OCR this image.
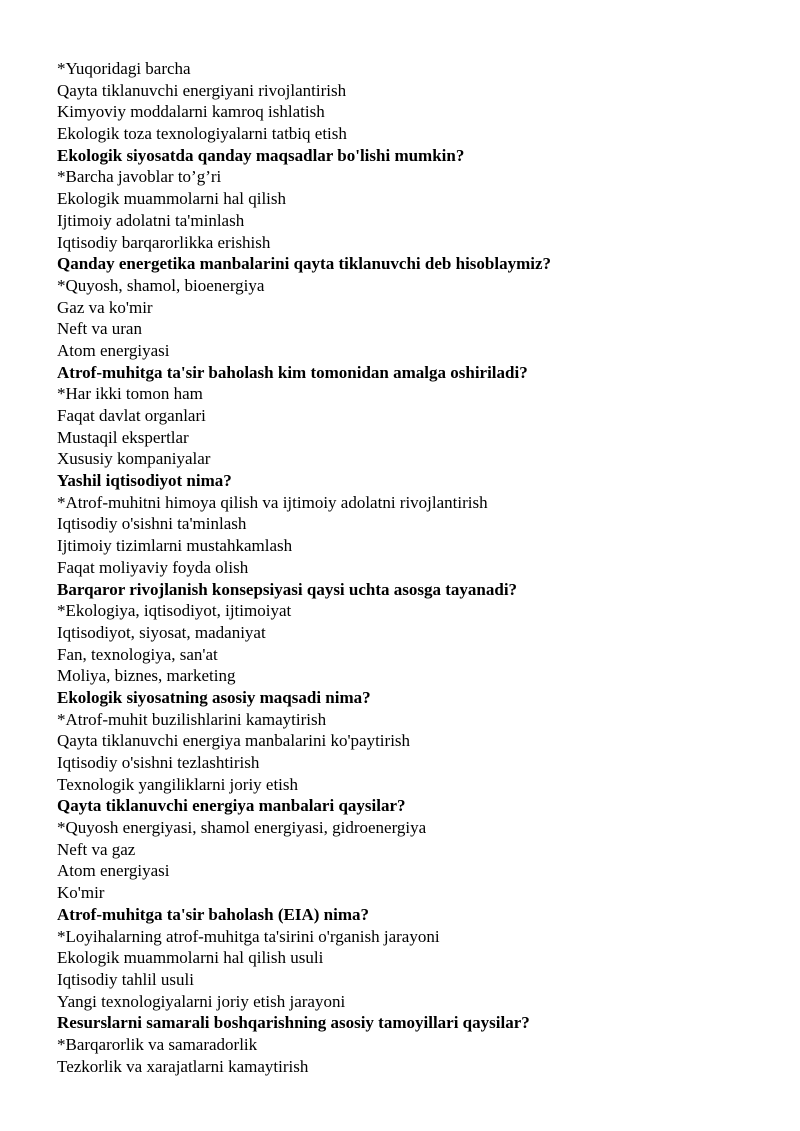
*Yuqoridagi barcha
Qayta tiklanuvchi energiyani rivojlantirish
Kimyoviy moddalarni kamroq ishlatish
Ekologik toza texnologiyalarni tatbiq etish
Ekologik siyosatda qanday maqsadlar bo'lishi mumkin?
*Barcha javoblar to’g’ri
Ekologik muammolarni hal qilish
Ijtimoiy adolatni ta'minlash
Iqtisodiy barqarorlikka erishish
Qanday energetika manbalarini qayta tiklanuvchi deb hisoblaymiz?
*Quyosh, shamol, bioenergiya
Gaz va ko'mir
Neft va uran
Atom energiyasi
Atrof-muhitga ta'sir baholash kim tomonidan amalga oshiriladi?
*Har ikki tomon ham
Faqat davlat organlari
Mustaqil ekspertlar
Xususiy kompaniyalar
Yashil iqtisodiyot nima?
*Atrof-muhitni himoya qilish va ijtimoiy adolatni rivojlantirish
Iqtisodiy o'sishni ta'minlash
Ijtimoiy tizimlarni mustahkamlash
Faqat moliyaviy foyda olish
Barqaror rivojlanish konsepsiyasi qaysi uchta asosga tayanadi?
*Ekologiya, iqtisodiyot, ijtimoiyat
Iqtisodiyot, siyosat, madaniyat
Fan, texnologiya, san'at
Moliya, biznes, marketing
Ekologik siyosatning asosiy maqsadi nima?
*Atrof-muhit buzilishlarini kamaytirish
Qayta tiklanuvchi energiya manbalarini ko'paytirish
Iqtisodiy o'sishni tezlashtirish
Texnologik yangiliklarni joriy etish
Qayta tiklanuvchi energiya manbalari qaysilar?
*Quyosh energiyasi, shamol energiyasi, gidroenergiya
Neft va gaz
Atom energiyasi
Ko'mir
Atrof-muhitga ta'sir baholash (EIA) nima?
*Loyihalarning atrof-muhitga ta'sirini o'rganish jarayoni
Ekologik muammolarni hal qilish usuli
Iqtisodiy tahlil usuli
Yangi texnologiyalarni joriy etish jarayoni
Resurslarni samarali boshqarishning asosiy tamoyillari qaysilar?
*Barqarorlik va samaradorlik
Tezkorlik va xarajatlarni kamaytirish
